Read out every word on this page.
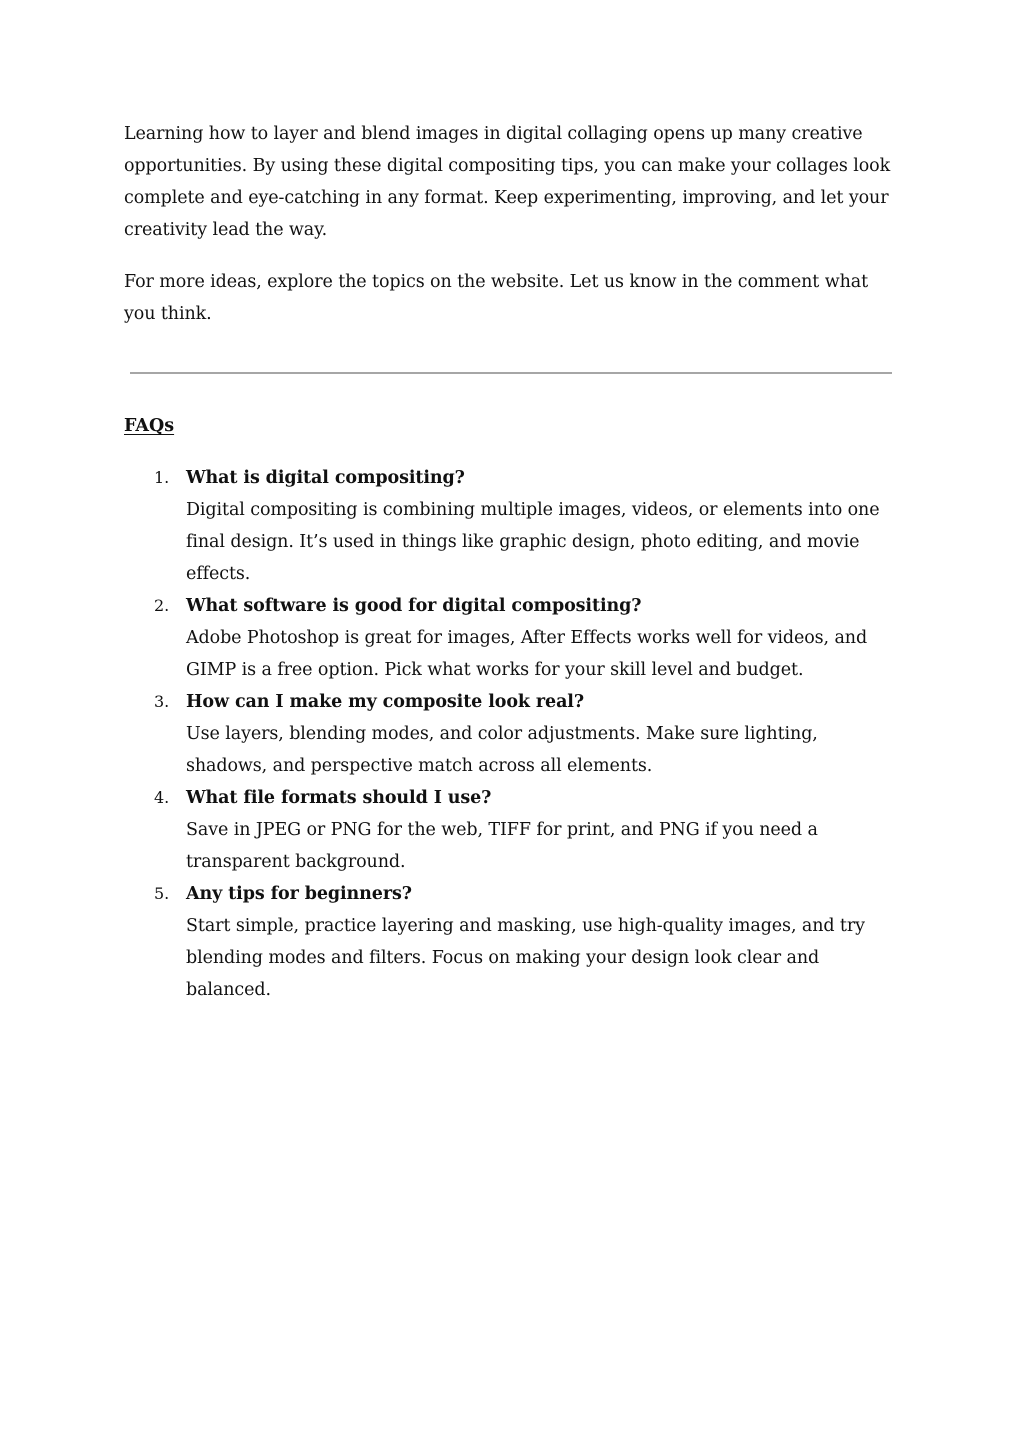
Learning how to layer and blend images in digital collaging opens up many creative opportunities. By using these digital compositing tips, you can make your collages look complete and eye-catching in any format. Keep experimenting, improving, and let your creativity lead the way.

For more ideas, explore the topics on the website. Let us know in the comment what you think.

FAQs
1. What is digital compositing?
Digital compositing is combining multiple images, videos, or elements into one final design. It’s used in things like graphic design, photo editing, and movie effects.
2. What software is good for digital compositing?
Adobe Photoshop is great for images, After Effects works well for videos, and GIMP is a free option. Pick what works for your skill level and budget.
3. How can I make my composite look real?
Use layers, blending modes, and color adjustments. Make sure lighting, shadows, and perspective match across all elements.
4. What file formats should I use?
Save in JPEG or PNG for the web, TIFF for print, and PNG if you need a transparent background.
5. Any tips for beginners?
Start simple, practice layering and masking, use high-quality images, and try blending modes and filters. Focus on making your design look clear and balanced.
